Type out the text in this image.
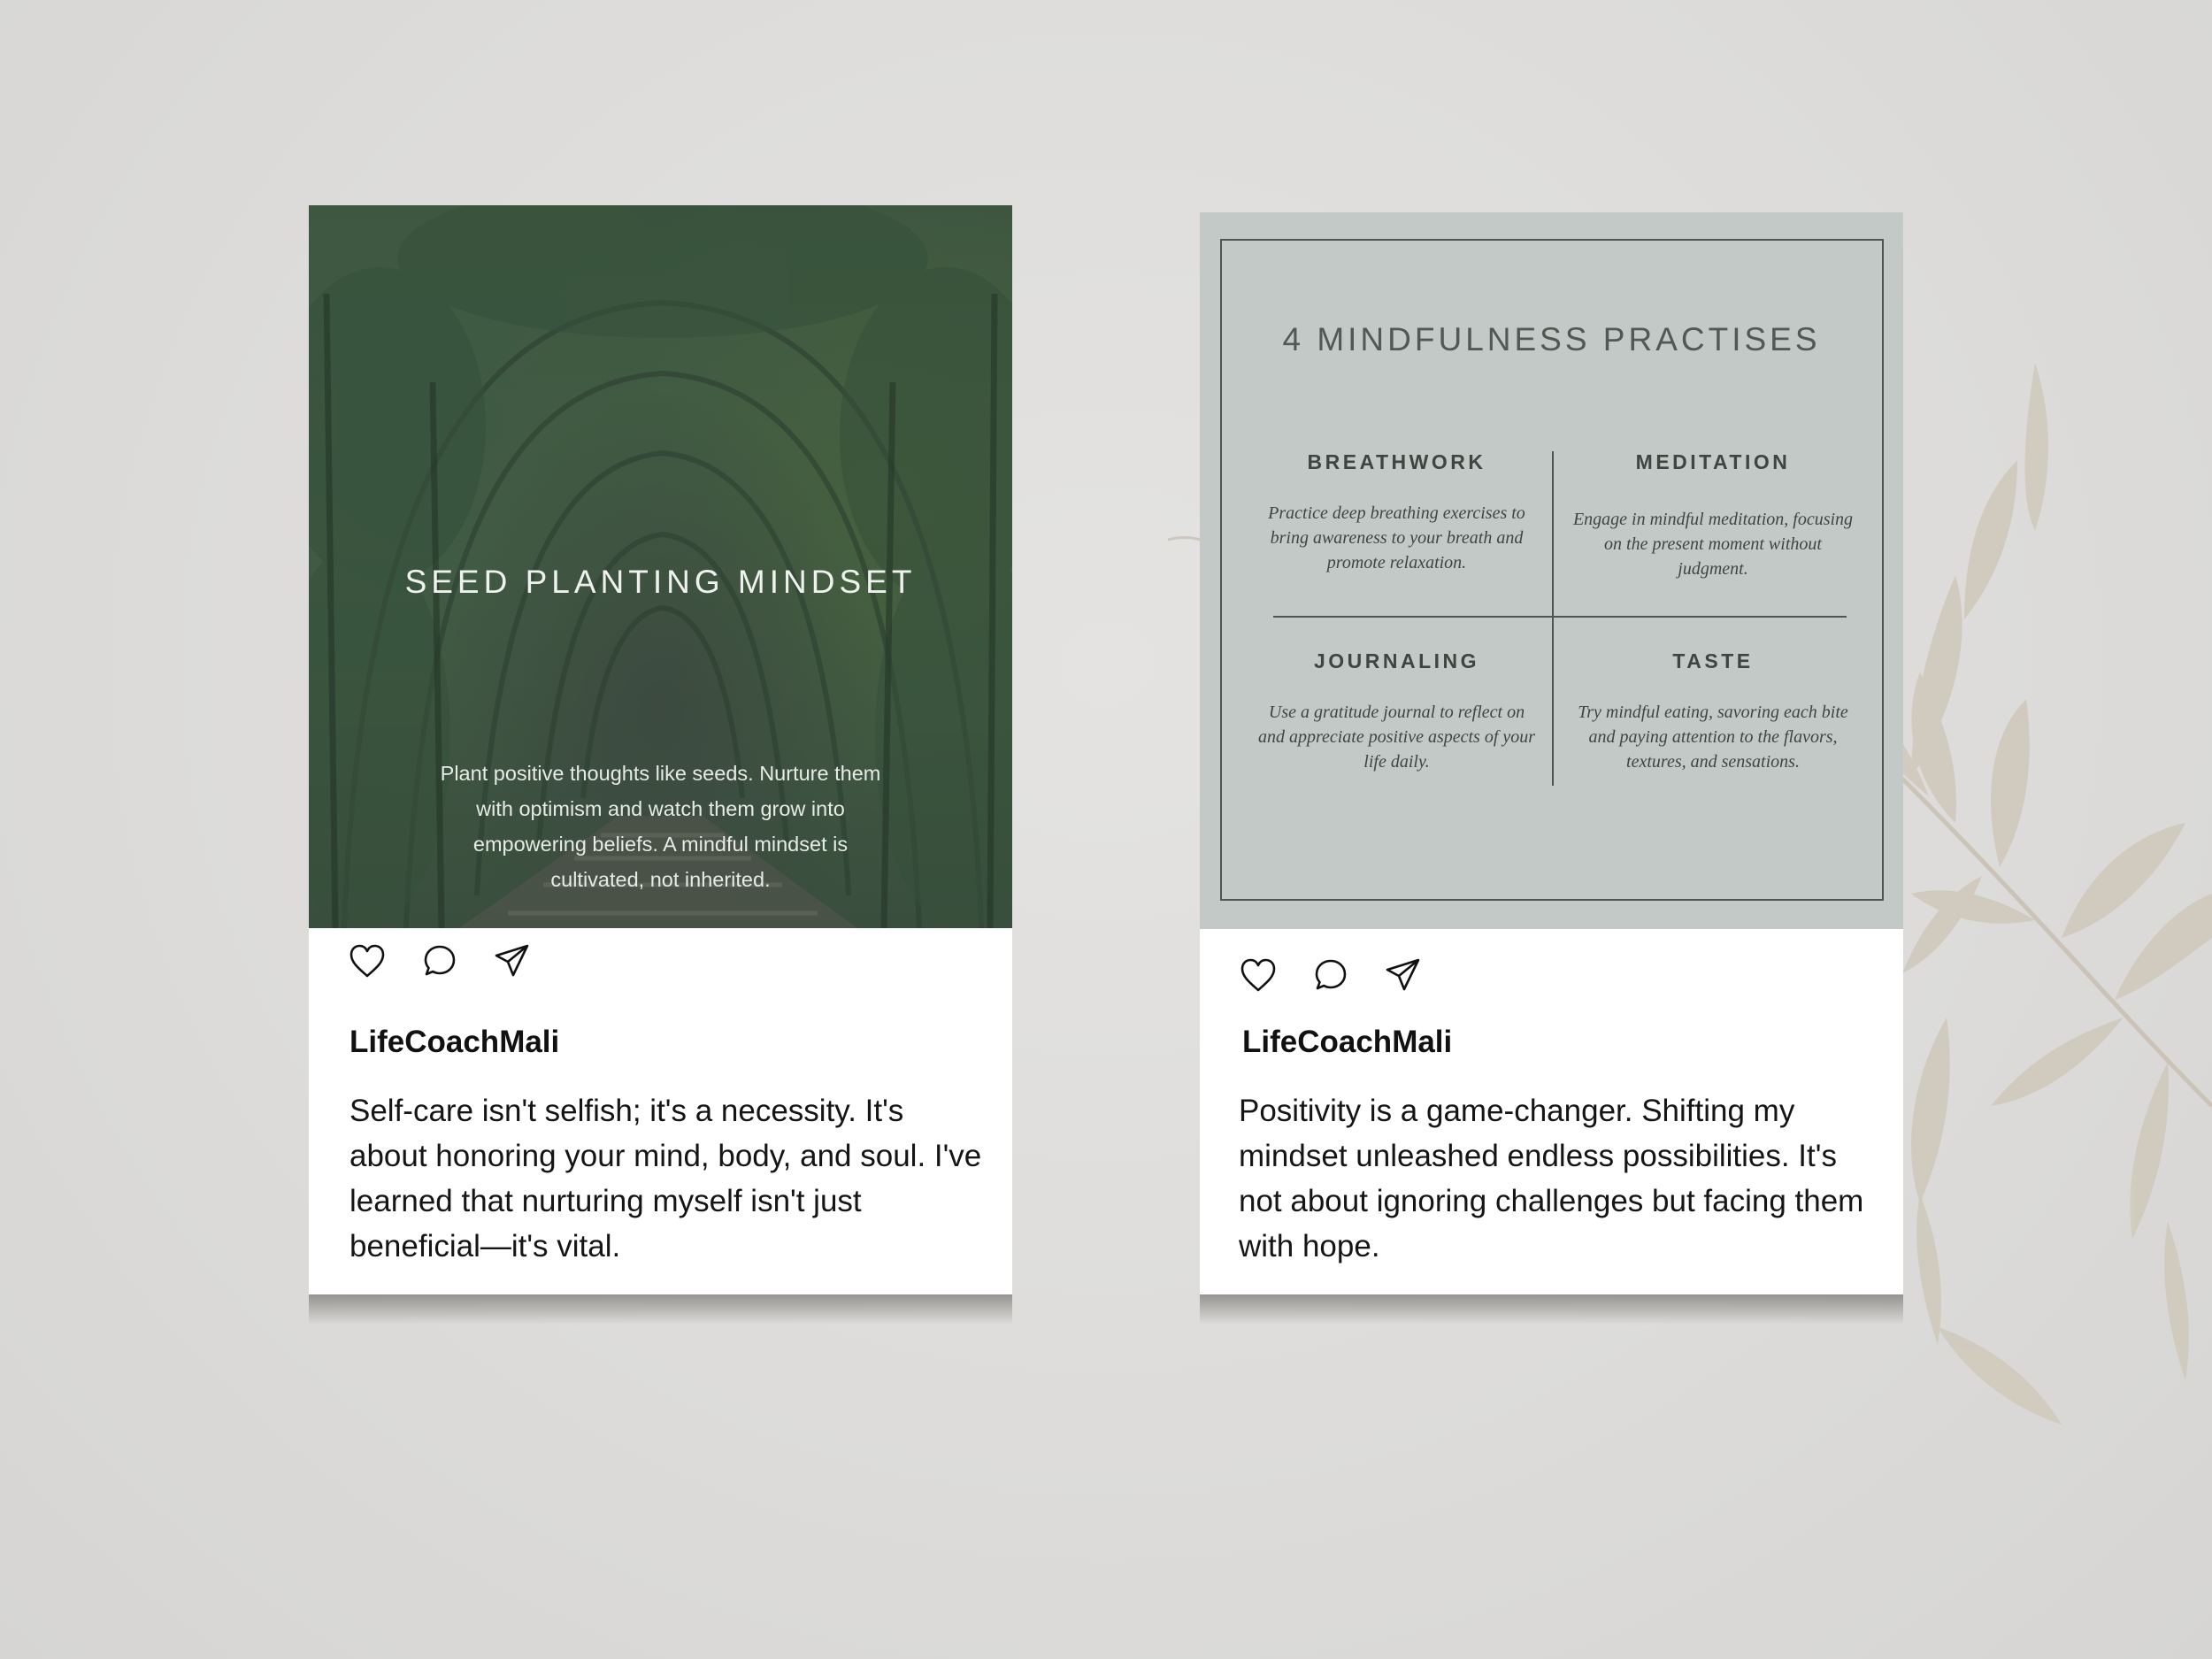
SEED PLANTING MINDSET
Plant positive thoughts like seeds. Nurture them with optimism and watch them grow into empowering beliefs. A mindful mindset is cultivated, not inherited.
LifeCoachMali
Self-care isn't selfish; it's a necessity. It's about honoring your mind, body, and soul. I've learned that nurturing myself isn't just beneficial—it's vital.
4 MINDFULNESS PRACTISES
BREATHWORK
Practice deep breathing exercises to bring awareness to your breath and promote relaxation.
MEDITATION
Engage in mindful meditation, focusing on the present moment without judgment.
JOURNALING
Use a gratitude journal to reflect on and appreciate positive aspects of your life daily.
TASTE
Try mindful eating, savoring each bite and paying attention to the flavors, textures, and sensations.
LifeCoachMali
Positivity is a game-changer. Shifting my mindset unleashed endless possibilities. It's not about ignoring challenges but facing them with hope.
